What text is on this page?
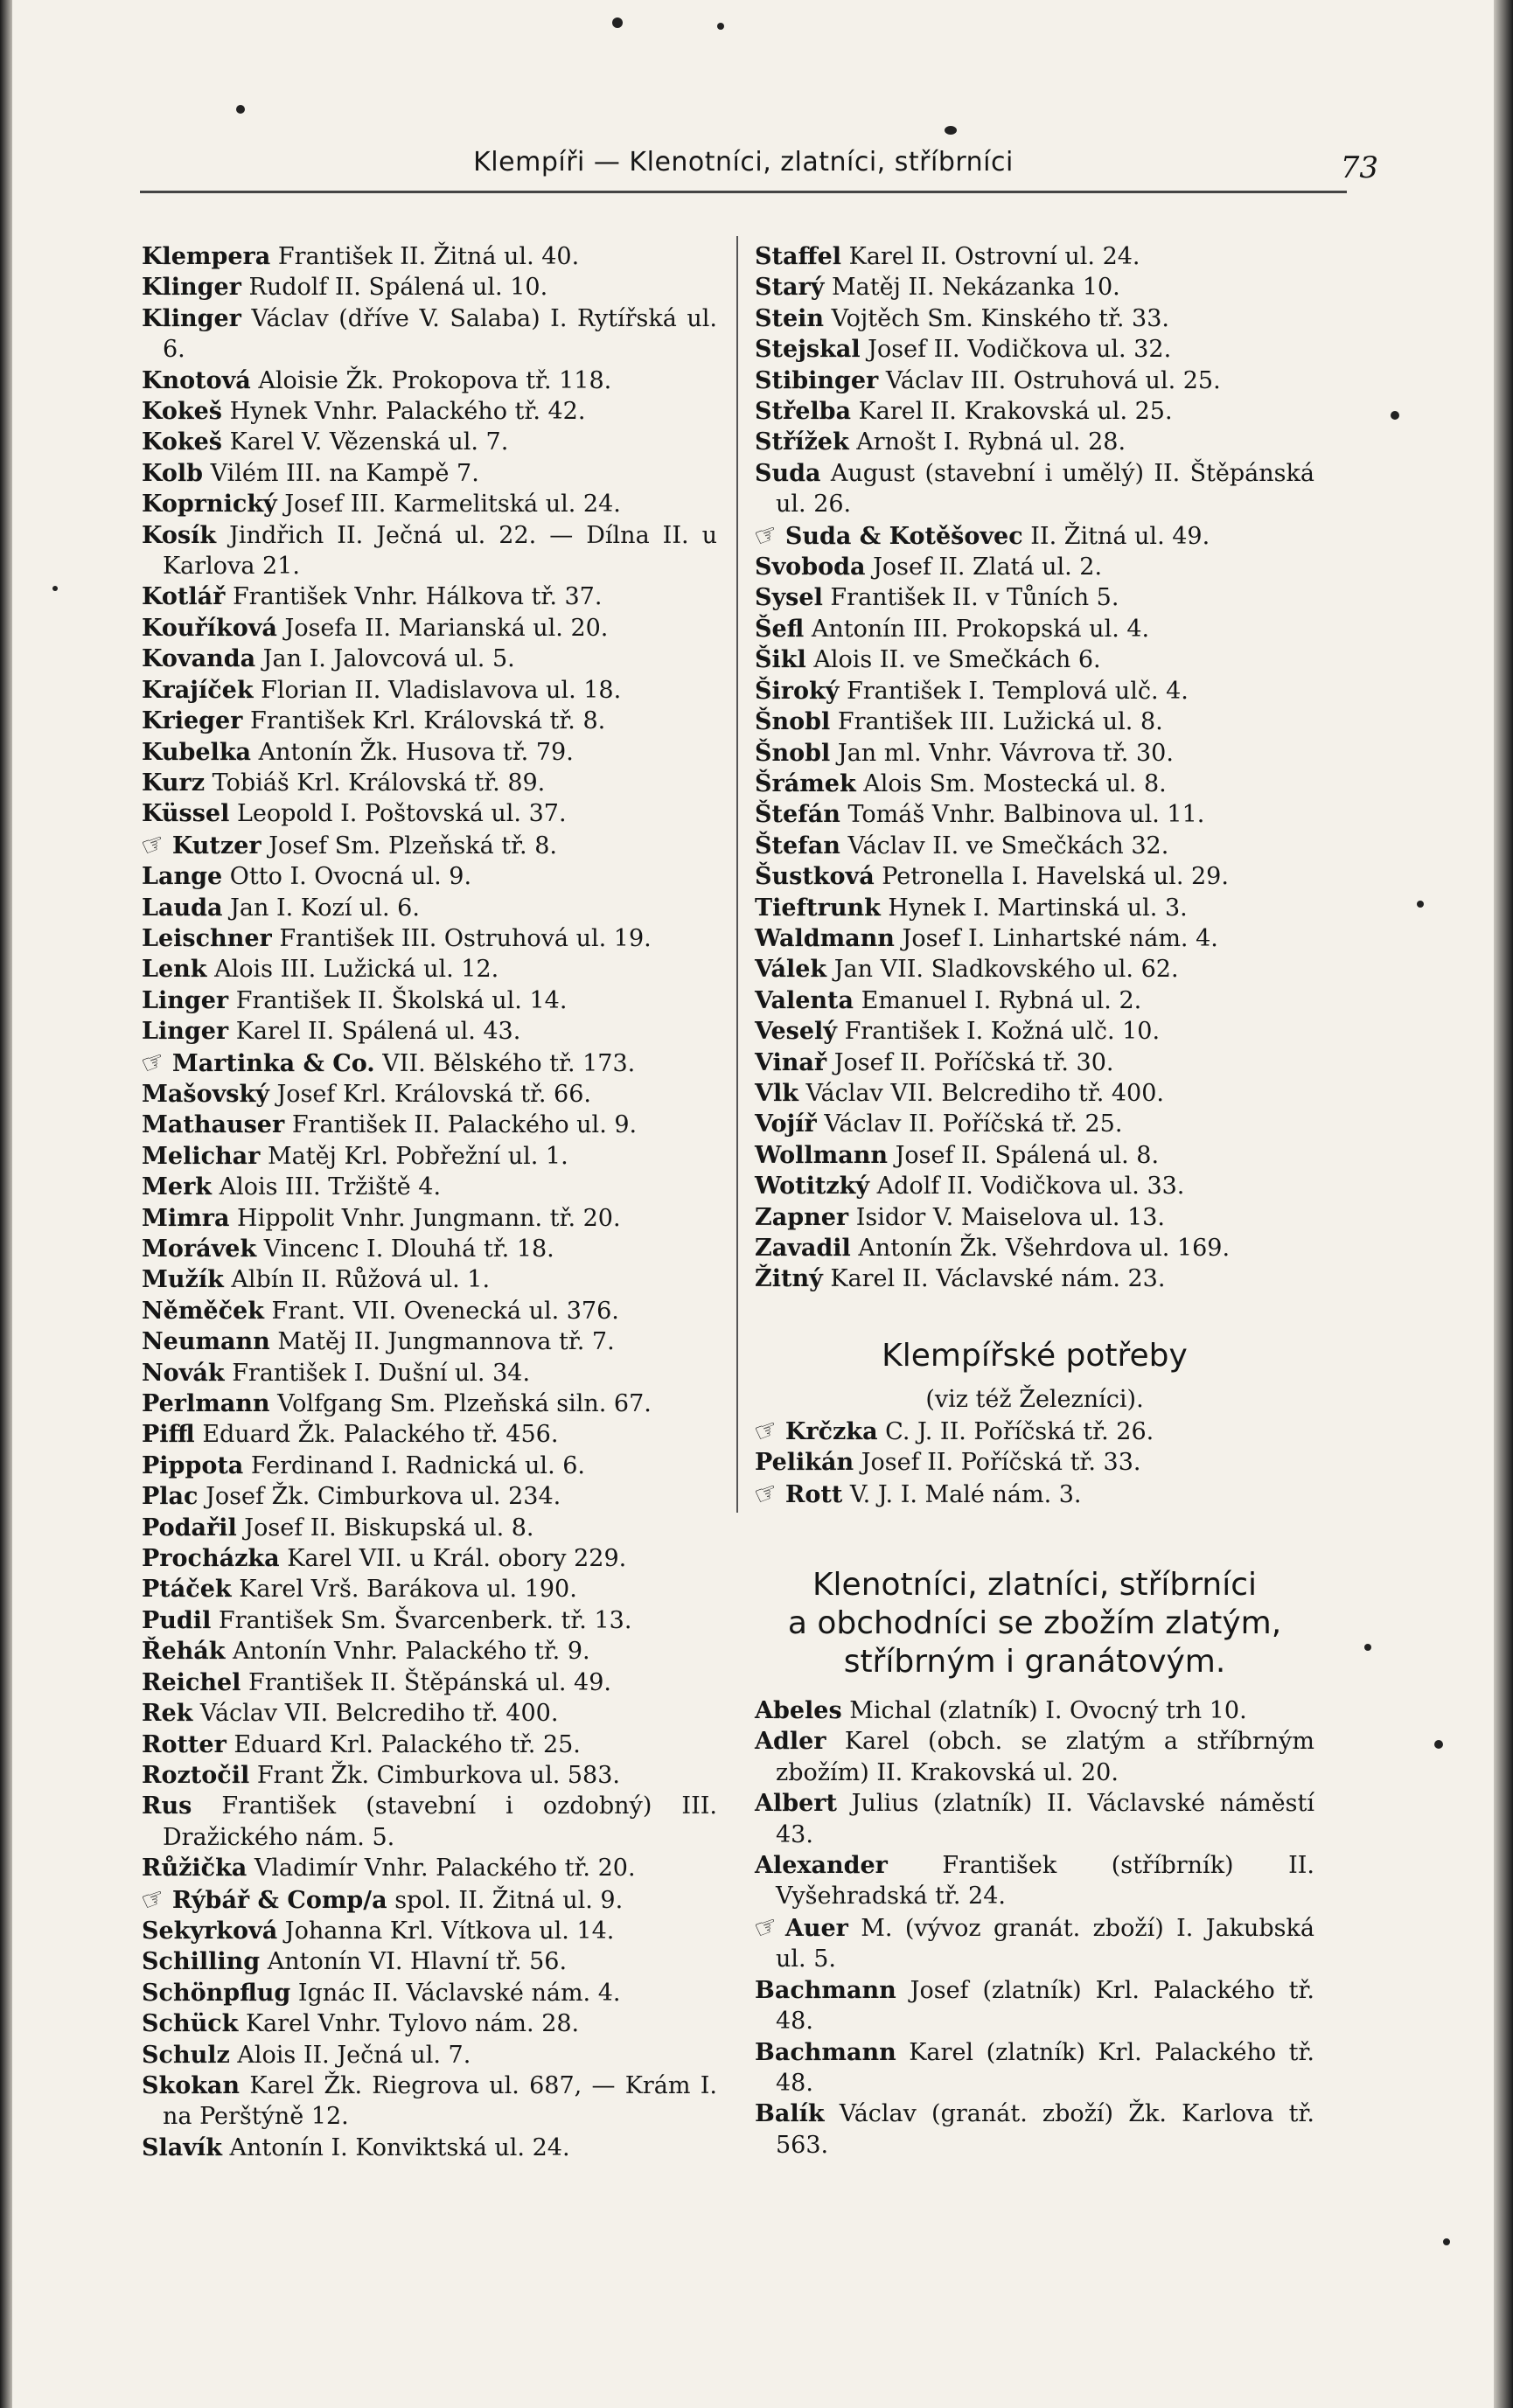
Klempíři — Klenotníci, zlatníci, stříbrníci	73
Klempera František II. Žitná ul. 40.
Klinger Rudolf II. Spálená ul. 10.
Klinger Václav (dříve V. Salaba) I. Rytířská ul. 6.
Knotová Aloisie Žk. Prokopova tř. 118.
Kokeš Hynek Vnhr. Palackého tř. 42.
Kokeš Karel V. Vězenská ul. 7.
Kolb Vilém III. na Kampě 7.
Koprnický Josef III. Karmelitská ul. 24.
Kosík Jindřich II. Ječná ul. 22. — Dílna II. u Karlova 21.
Kotlář František Vnhr. Hálkova tř. 37.
Kouříková Josefa II. Marianská ul. 20.
Kovanda Jan I. Jalovcová ul. 5.
Krajíček Florian II. Vladislavova ul. 18.
Krieger František Krl. Královská tř. 8.
Kubelka Antonín Žk. Husova tř. 79.
Kurz Tobiáš Krl. Královská tř. 89.
Küssel Leopold I. Poštovská ul. 37.
☞ Kutzer Josef Sm. Plzeňská tř. 8.
Lange Otto I. Ovocná ul. 9.
Lauda Jan I. Kozí ul. 6.
Leischner František III. Ostruhová ul. 19.
Lenk Alois III. Lužická ul. 12.
Linger František II. Školská ul. 14.
Linger Karel II. Spálená ul. 43.
☞ Martinka & Co. VII. Bělského tř. 173.
Mašovský Josef Krl. Královská tř. 66.
Mathauser František II. Palackého ul. 9.
Melichar Matěj Krl. Pobřežní ul. 1.
Merk Alois III. Tržiště 4.
Mimra Hippolit Vnhr. Jungmann. tř. 20.
Morávek Vincenc I. Dlouhá tř. 18.
Mužík Albín II. Růžová ul. 1.
Něměček Frant. VII. Ovenecká ul. 376.
Neumann Matěj II. Jungmannova tř. 7.
Novák František I. Dušní ul. 34.
Perlmann Volfgang Sm. Plzeňská siln. 67.
Piffl Eduard Žk. Palackého tř. 456.
Pippota Ferdinand I. Radnická ul. 6.
Plac Josef Žk. Cimburkova ul. 234.
Podařil Josef II. Biskupská ul. 8.
Procházka Karel VII. u Král. obory 229.
Ptáček Karel Vrš. Barákova ul. 190.
Pudil František Sm. Švarcenberk. tř. 13.
Řehák Antonín Vnhr. Palackého tř. 9.
Reichel František II. Štěpánská ul. 49.
Rek Václav VII. Belcrediho tř. 400.
Rotter Eduard Krl. Palackého tř. 25.
Roztočil Frant Žk. Cimburkova ul. 583.
Rus František (stavební i ozdobný) III. Dražického nám. 5.
Růžička Vladimír Vnhr. Palackého tř. 20.
☞ Rýbář & Comp/a spol. II. Žitná ul. 9.
Sekyrková Johanna Krl. Vítkova ul. 14.
Schilling Antonín VI. Hlavní tř. 56.
Schönpflug Ignác II. Václavské nám. 4.
Schück Karel Vnhr. Tylovo nám. 28.
Schulz Alois II. Ječná ul. 7.
Skokan Karel Žk. Riegrova ul. 687, — Krám I. na Perštýně 12.
Slavík Antonín I. Konviktská ul. 24.
Staffel Karel II. Ostrovní ul. 24.
Starý Matěj II. Nekázanka 10.
Stein Vojtěch Sm. Kinského tř. 33.
Stejskal Josef II. Vodičkova ul. 32.
Stibinger Václav III. Ostruhová ul. 25.
Střelba Karel II. Krakovská ul. 25.
Střížek Arnošt I. Rybná ul. 28.
Suda August (stavební i umělý) II. Štěpánská ul. 26.
☞ Suda & Kotěšovec II. Žitná ul. 49.
Svoboda Josef II. Zlatá ul. 2.
Sysel František II. v Tůních 5.
Šefl Antonín III. Prokopská ul. 4.
Šikl Alois II. ve Smečkách 6.
Široký František I. Templová ulč. 4.
Šnobl František III. Lužická ul. 8.
Šnobl Jan ml. Vnhr. Vávrova tř. 30.
Šrámek Alois Sm. Mostecká ul. 8.
Štefán Tomáš Vnhr. Balbinova ul. 11.
Štefan Václav II. ve Smečkách 32.
Šustková Petronella I. Havelská ul. 29.
Tieftrunk Hynek I. Martinská ul. 3.
Waldmann Josef I. Linhartské nám. 4.
Válek Jan VII. Sladkovského ul. 62.
Valenta Emanuel I. Rybná ul. 2.
Veselý František I. Kožná ulč. 10.
Vinař Josef II. Poříčská tř. 30.
Vlk Václav VII. Belcrediho tř. 400.
Vojíř Václav II. Poříčská tř. 25.
Wollmann Josef II. Spálená ul. 8.
Wotitzký Adolf II. Vodičkova ul. 33.
Zapner Isidor V. Maiselova ul. 13.
Zavadil Antonín Žk. Všehrdova ul. 169.
Žitný Karel II. Václavské nám. 23.
Klempířské potřeby
(viz též Železníci).
☞ Krčzka C. J. II. Poříčská tř. 26.
Pelikán Josef II. Poříčská tř. 33.
☞ Rott V. J. I. Malé nám. 3.
Klenotníci, zlatníci, stříbrníci
a obchodníci se zbožím zlatým,
stříbrným i granátovým.
Abeles Michal (zlatník) I. Ovocný trh 10.
Adler Karel (obch. se zlatým a stříbrným zbožím) II. Krakovská ul. 20.
Albert Julius (zlatník) II. Václavské náměstí 43.
Alexander František (stříbrník) II. Vyšehradská tř. 24.
☞ Auer M. (vývoz granát. zboží) I. Jakubská ul. 5.
Bachmann Josef (zlatník) Krl. Palackého tř. 48.
Bachmann Karel (zlatník) Krl. Palackého tř. 48.
Balík Václav (granát. zboží) Žk. Karlova tř. 563.
